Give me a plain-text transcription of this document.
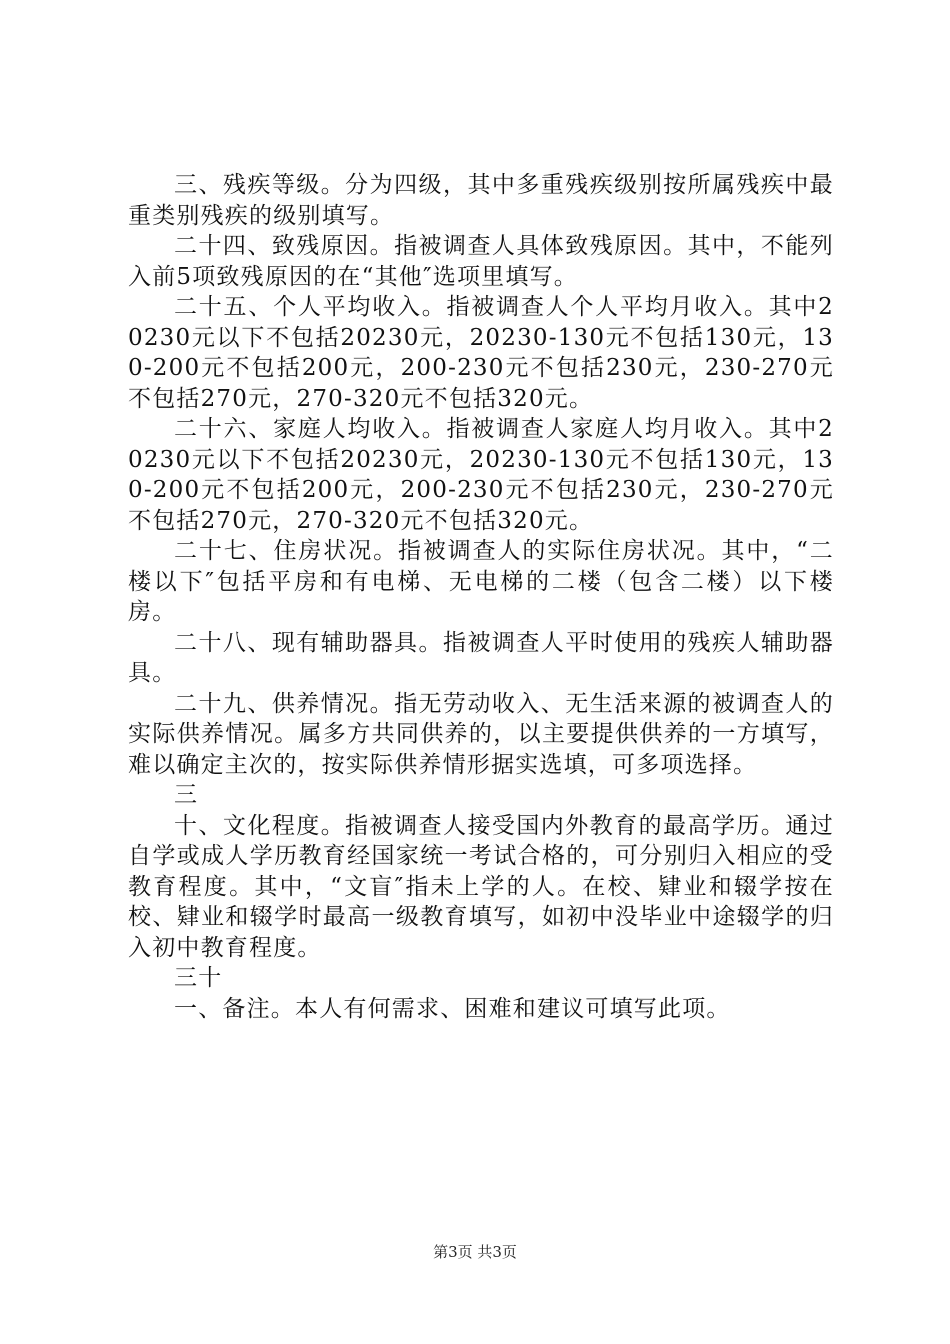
三、残疾等级。分为四级，其中多重残疾级别按所属残疾中最重类别残疾的级别填写。

二十四、致残原因。指被调查人具体致残原因。其中，不能列入前5项致残原因的在“其他″选项里填写。

二十五、个人平均收入。指被调查人个人平均月收入。其中20230元以下不包括20230元，20230-130元不包括130元，130-200元不包括200元，200-230元不包括230元，230-270元不包括270元，270-320元不包括320元。

二十六、家庭人均收入。指被调查人家庭人均月收入。其中20230元以下不包括20230元，20230-130元不包括130元，130-200元不包括200元，200-230元不包括230元，230-270元不包括270元，270-320元不包括320元。

二十七、住房状况。指被调查人的实际住房状况。其中，“二楼以下″包括平房和有电梯、无电梯的二楼（包含二楼）以下楼房。

二十八、现有辅助器具。指被调查人平时使用的残疾人辅助器具。

二十九、供养情况。指无劳动收入、无生活来源的被调查人的实际供养情况。属多方共同供养的，以主要提供供养的一方填写，难以确定主次的，按实际供养情形据实选填，可多项选择。

三

十、文化程度。指被调查人接受国内外教育的最高学历。通过自学或成人学历教育经国家统一考试合格的，可分别归入相应的受教育程度。其中，“文盲″指未上学的人。在校、肄业和辍学按在校、肄业和辍学时最高一级教育填写，如初中没毕业中途辍学的归入初中教育程度。

三十

一、备注。本人有何需求、困难和建议可填写此项。

第3页 共3页
